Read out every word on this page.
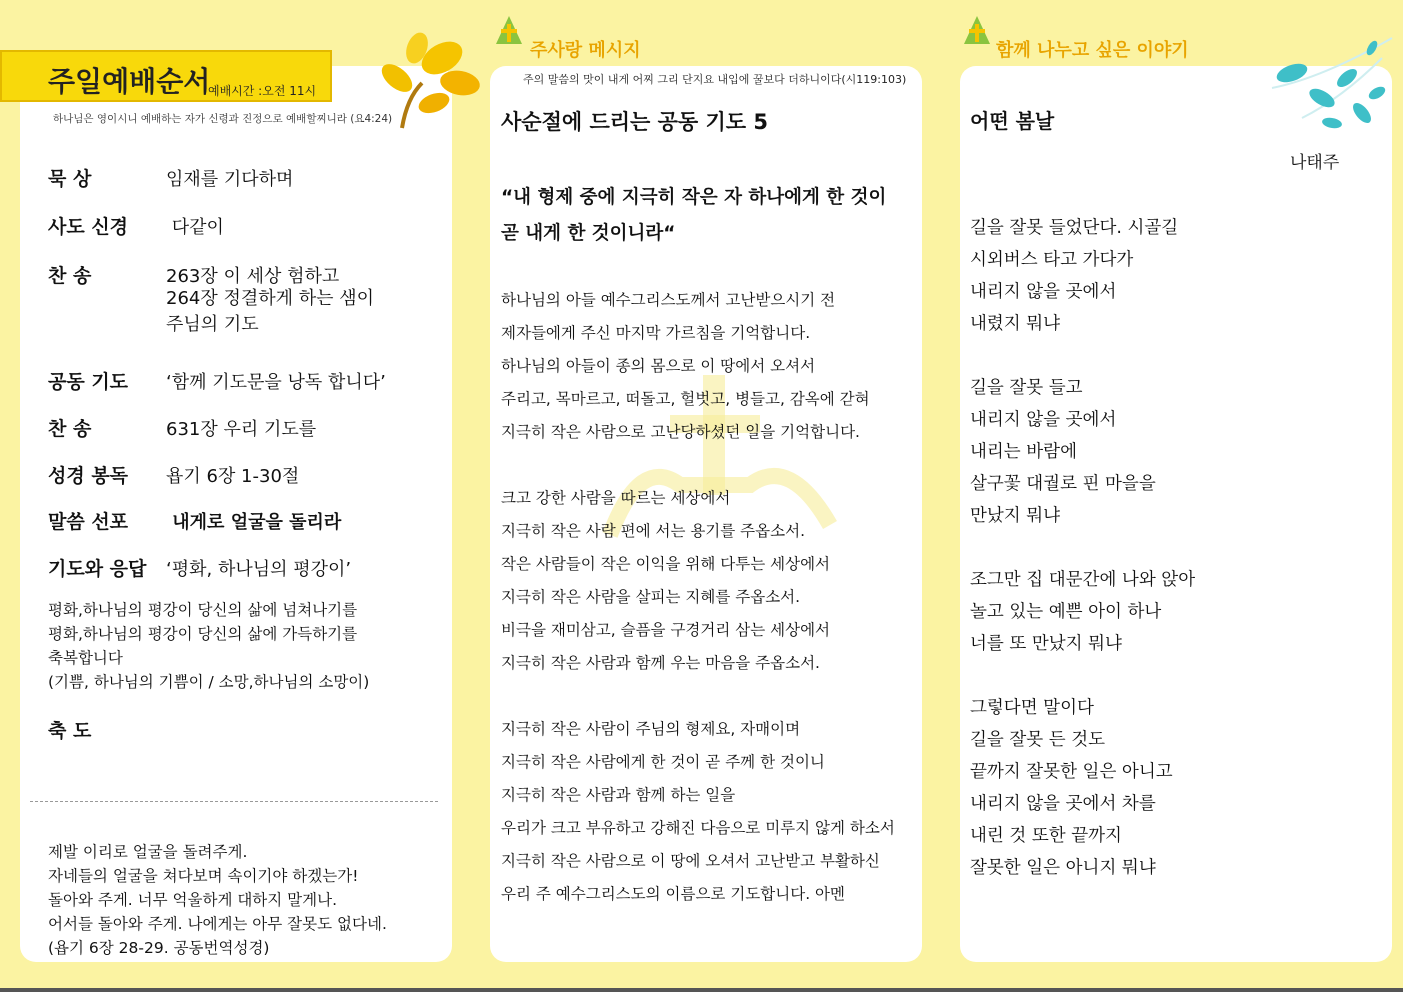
주일예배순서
예배시간 :오전 11시
하나님은 영이시니 예배하는 자가 신령과 진정으로 예배할찌니라 (요4:24)
묵 상	임재를 기다하며
사도 신경 다같이
찬 송	263장 이 세상 험하고
264장 정결하게 하는 샘이
주님의 기도
공동 기도 ‘함께 기도문을 낭독 합니다’
찬 송	631장 우리 기도를
성경 봉독 욥기 6장 1-30절
말씀 선포 내게로 얼굴을 돌리라
기도와 응답 ‘평화, 하나님의 평강이’
평화,하나님의 평강이 당신의 삶에 넘쳐나기를
평화,하나님의 평강이 당신의 삶에 가득하기를
축복합니다
(기쁨, 하나님의 기쁨이 / 소망,하나님의 소망이)
축 도
제발 이리로 얼굴을 돌려주게.
자네들의 얼굴을 쳐다보며 속이기야 하겠는가!
돌아와 주게. 너무 억울하게 대하지 말게나.
어서들 돌아와 주게. 나에게는 아무 잘못도 없다네.
(욥기 6장 28-29. 공동번역성경)
주사랑 메시지
주의 말씀의 맛이 내게 어찌 그리 단지요 내입에 꿀보다 더하니이다(시119:103)
사순절에 드리는 공동 기도 5
“내 형제 중에 지극히 작은 자 하나에게 한 것이
곧 내게 한 것이니라“
하나님의 아들 예수그리스도께서 고난받으시기 전
제자들에게 주신 마지막 가르침을 기억합니다.
하나님의 아들이 종의 몸으로 이 땅에서 오셔서
주리고, 목마르고, 떠돌고, 헐벗고, 병들고, 감옥에 갇혀
지극히 작은 사람으로 고난당하셨던 일을 기억합니다.
크고 강한 사람을 따르는 세상에서
지극히 작은 사람 편에 서는 용기를 주옵소서.
작은 사람들이 작은 이익을 위해 다투는 세상에서
지극히 작은 사람을 살피는 지혜를 주옵소서.
비극을 재미삼고, 슬픔을 구경거리 삼는 세상에서
지극히 작은 사람과 함께 우는 마음을 주옵소서.
지극히 작은 사람이 주님의 형제요, 자매이며
지극히 작은 사람에게 한 것이 곧 주께 한 것이니
지극히 작은 사람과 함께 하는 일을
우리가 크고 부유하고 강해진 다음으로 미루지 않게 하소서
지극히 작은 사람으로 이 땅에 오셔서 고난받고 부활하신
우리 주 예수그리스도의 이름으로 기도합니다. 아멘
함께 나누고 싶은 이야기
어떤 봄날
나태주
길을 잘못 들었단다. 시골길
시외버스 타고 가다가
내리지 않을 곳에서
내렸지 뭐냐
길을 잘못 들고
내리지 않을 곳에서
내리는 바람에
살구꽃 대궐로 핀 마을을
만났지 뭐냐
조그만 집 대문간에 나와 앉아
놀고 있는 예쁜 아이 하나
너를 또 만났지 뭐냐
그렇다면 말이다
길을 잘못 든 것도
끝까지 잘못한 일은 아니고
내리지 않을 곳에서 차를
내린 것 또한 끝까지
잘못한 일은 아니지 뭐냐
